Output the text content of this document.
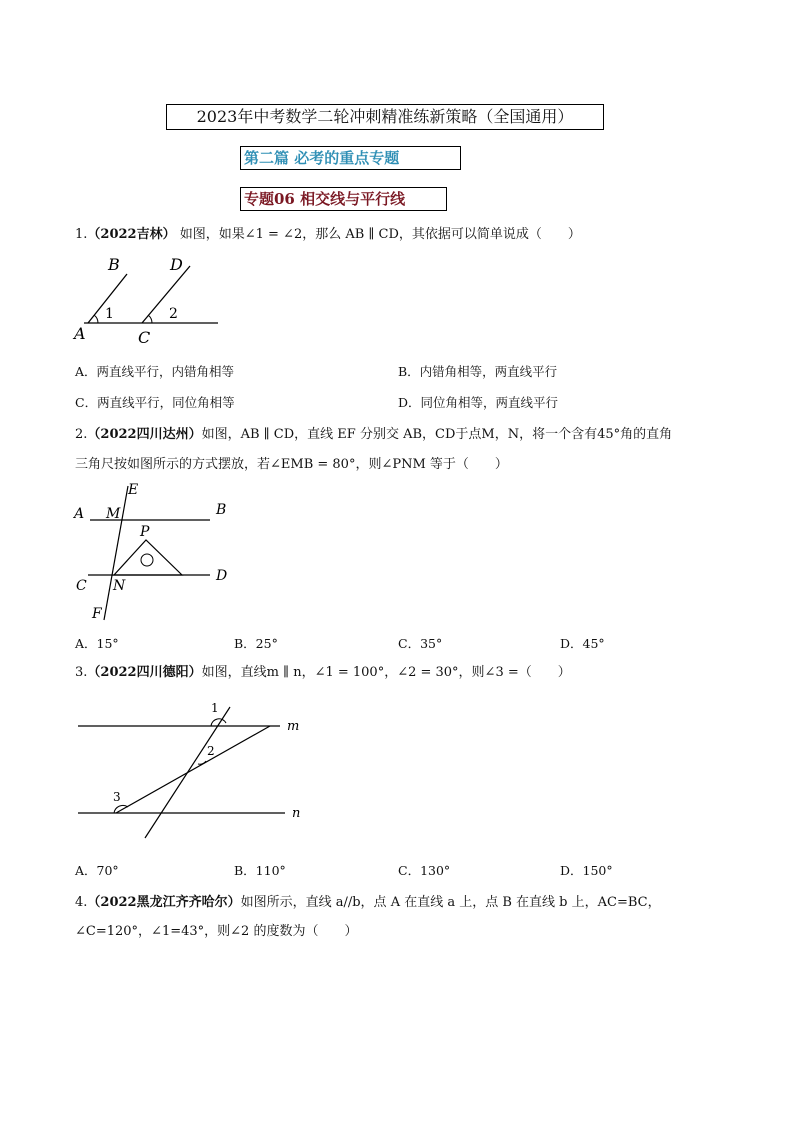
2023年中考数学二轮冲刺精准练新策略（全国通用）
第二篇 必考的重点专题
专题06 相交线与平行线
1.（2022吉林） 如图，如果∠1 = ∠2，那么 AB ∥ CD，其依据可以简单说成（　　）
B	D
1	2
A	C
A．两直线平行，内错角相等	B．内错角相等，两直线平行
C．两直线平行，同位角相等	D．同位角相等，两直线平行
2.（2022四川达州）如图，AB ∥ CD，直线 EF 分别交 AB，CD于点M，N，将一个含有45°角的直角
三角尺按如图所示的方式摆放，若∠EMB = 80°，则∠PNM 等于（　　）
E
A M	B
P
C N
D
F
A．15°	B．25°	C．35°	D．45°
3.（2022四川德阳）如图，直线m ∥ n，∠1 = 100°，∠2 = 30°，则∠3 =（　　）
1
m
2
3
n
A．70°	B．110°	C．130°	D．150°
4.（2022黑龙江齐齐哈尔）如图所示，直线 a//b，点 A 在直线 a 上，点 B 在直线 b 上，AC=BC，
∠C=120°，∠1=43°，则∠2 的度数为（　　）
